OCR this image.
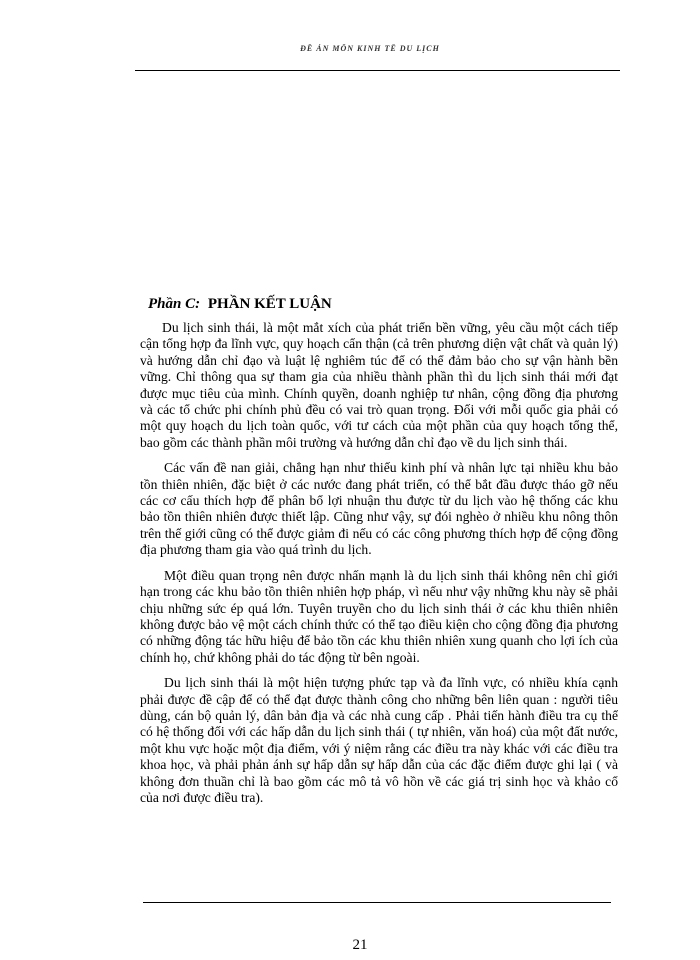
ĐỀ ÁN MÔN KINH TẾ DU LỊCH
Phần C: PHẦN KẾT LUẬN

Du lịch sinh thái, là một mắt xích của phát triển bền vững, yêu cầu một cách tiếp cận tổng hợp đa lĩnh vực, quy hoạch cẩn thận (cả trên phương diện vật chất và quản lý) và hướng dẫn chỉ đạo và luật lệ nghiêm túc để có thể đảm bảo cho sự vận hành bền vững. Chỉ thông qua sự tham gia của nhiều thành phần thì du lịch sinh thái mới đạt được mục tiêu của mình. Chính quyền, doanh nghiệp tư nhân, cộng đồng địa phương và các tổ chức phi chính phủ đều có vai trò quan trọng. Đối với mỗi quốc gia phải có một quy hoạch du lịch toàn quốc, với tư cách của một phần của quy hoạch tổng thể, bao gồm các thành phần môi trường và hướng dẫn chỉ đạo về du lịch sinh thái.

Các vấn đề nan giải, chẳng hạn như thiếu kinh phí và nhân lực tại nhiều khu bảo tồn thiên nhiên, đặc biệt ở các nước đang phát triển, có thể bắt đầu được tháo gỡ nếu các cơ cấu thích hợp để phân bổ lợi nhuận thu được từ du lịch vào hệ thống các khu bảo tồn thiên nhiên được thiết lập. Cũng như vậy, sự đói nghèo ở nhiều khu nông thôn trên thế giới cũng có thể được giảm đi nếu có các công phương thích hợp để cộng đồng địa phương tham gia vào quá trình du lịch.

Một điều quan trọng nên được nhấn mạnh là du lịch sinh thái không nên chỉ giới hạn trong các khu bảo tồn thiên nhiên hợp pháp, vì nếu như vậy những khu này sẽ phải chịu những sức ép quá lớn. Tuyên truyền cho du lịch sinh thái ở các khu thiên nhiên không được bảo vệ một cách chính thức có thể tạo điều kiện cho cộng đồng địa phương có những động tác hữu hiệu để bảo tồn các khu thiên nhiên xung quanh cho lợi ích của chính họ, chứ không phải do tác động từ bên ngoài.

Du lịch sinh thái là một hiện tượng phức tạp và đa lĩnh vực, có nhiều khía cạnh phải được đề cập để có thể đạt được thành công cho những bên liên quan : người tiêu dùng, cán bộ quản lý, dân bản địa và các nhà cung cấp . Phải tiến hành điều tra cụ thể có hệ thống đối với các hấp dẫn du lịch sinh thái ( tự nhiên, văn hoá) của một đất nước, một khu vực hoặc một địa điểm, với ý niệm rằng các điều tra này khác với các điều tra khoa học, và phải phản ánh sự hấp dẫn sự hấp dẫn của các đặc điểm được ghi lại ( và không đơn thuần chỉ là bao gồm các mô tả vô hồn về các giá trị sinh học và khảo cổ của nơi được điều tra).

21
